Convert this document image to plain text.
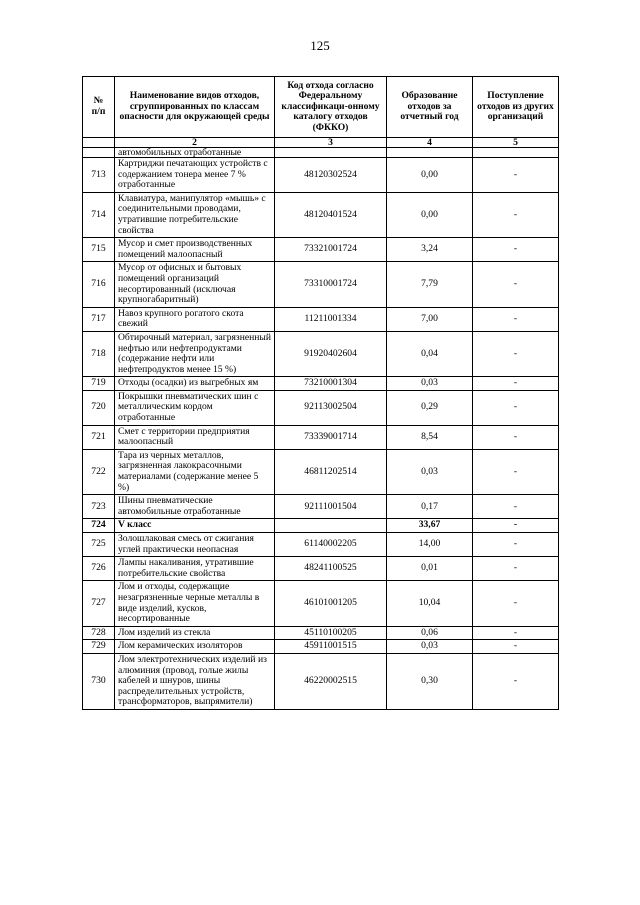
125
№
п/п	Наименование видов отходов, сгруппированных по классам опасности для окружающей среды	Код отхода согласно Федеральному классификаци-онному каталогу отходов (ФККО)	Образование отходов за отчетный год	Поступление отходов из других организаций
	2	3	4	5
	автомобильных отработанные			
713	Картриджи печатающих устройств с содержанием тонера менее 7 % отработанные	48120302524	0,00	-
714	Клавиатура, манипулятор «мышь» с соединительными проводами, утратившие потребительские свойства	48120401524	0,00	-
715	Мусор и смет производственных помещений малоопасный	73321001724	3,24	-
716	Мусор от офисных и бытовых помещений организаций несортированный (исключая крупногабаритный)	73310001724	7,79	-
717	Навоз крупного рогатого скота свежий	11211001334	7,00	-
718	Обтирочный материал, загрязненный нефтью или нефтепродуктами (содержание нефти или нефтепродуктов менее 15 %)	91920402604	0,04	-
719	Отходы (осадки) из выгребных ям	73210001304	0,03	-
720	Покрышки пневматических шин с металлическим кордом отработанные	92113002504	0,29	-
721	Смет с территории предприятия малоопасный	73339001714	8,54	-
722	Тара из черных металлов, загрязненная лакокрасочными материалами (содержание менее 5 %)	46811202514	0,03	-
723	Шины пневматические автомобильные отработанные	92111001504	0,17	-
724	V класс		33,67	-
725	Золошлаковая смесь от сжигания углей практически неопасная	61140002205	14,00	-
726	Лампы накаливания, утратившие потребительские свойства	48241100525	0,01	-
727	Лом и отходы, содержащие незагрязненные черные металлы в виде изделий, кусков, несортированные	46101001205	10,04	-
728	Лом изделий из стекла	45110100205	0,06	-
729	Лом керамических изоляторов	45911001515	0,03	-
730	Лом электротехнических изделий из алюминия (провод, голые жилы кабелей и шнуров, шины распределительных устройств, трансформаторов, выпрямители)	46220002515	0,30	-
